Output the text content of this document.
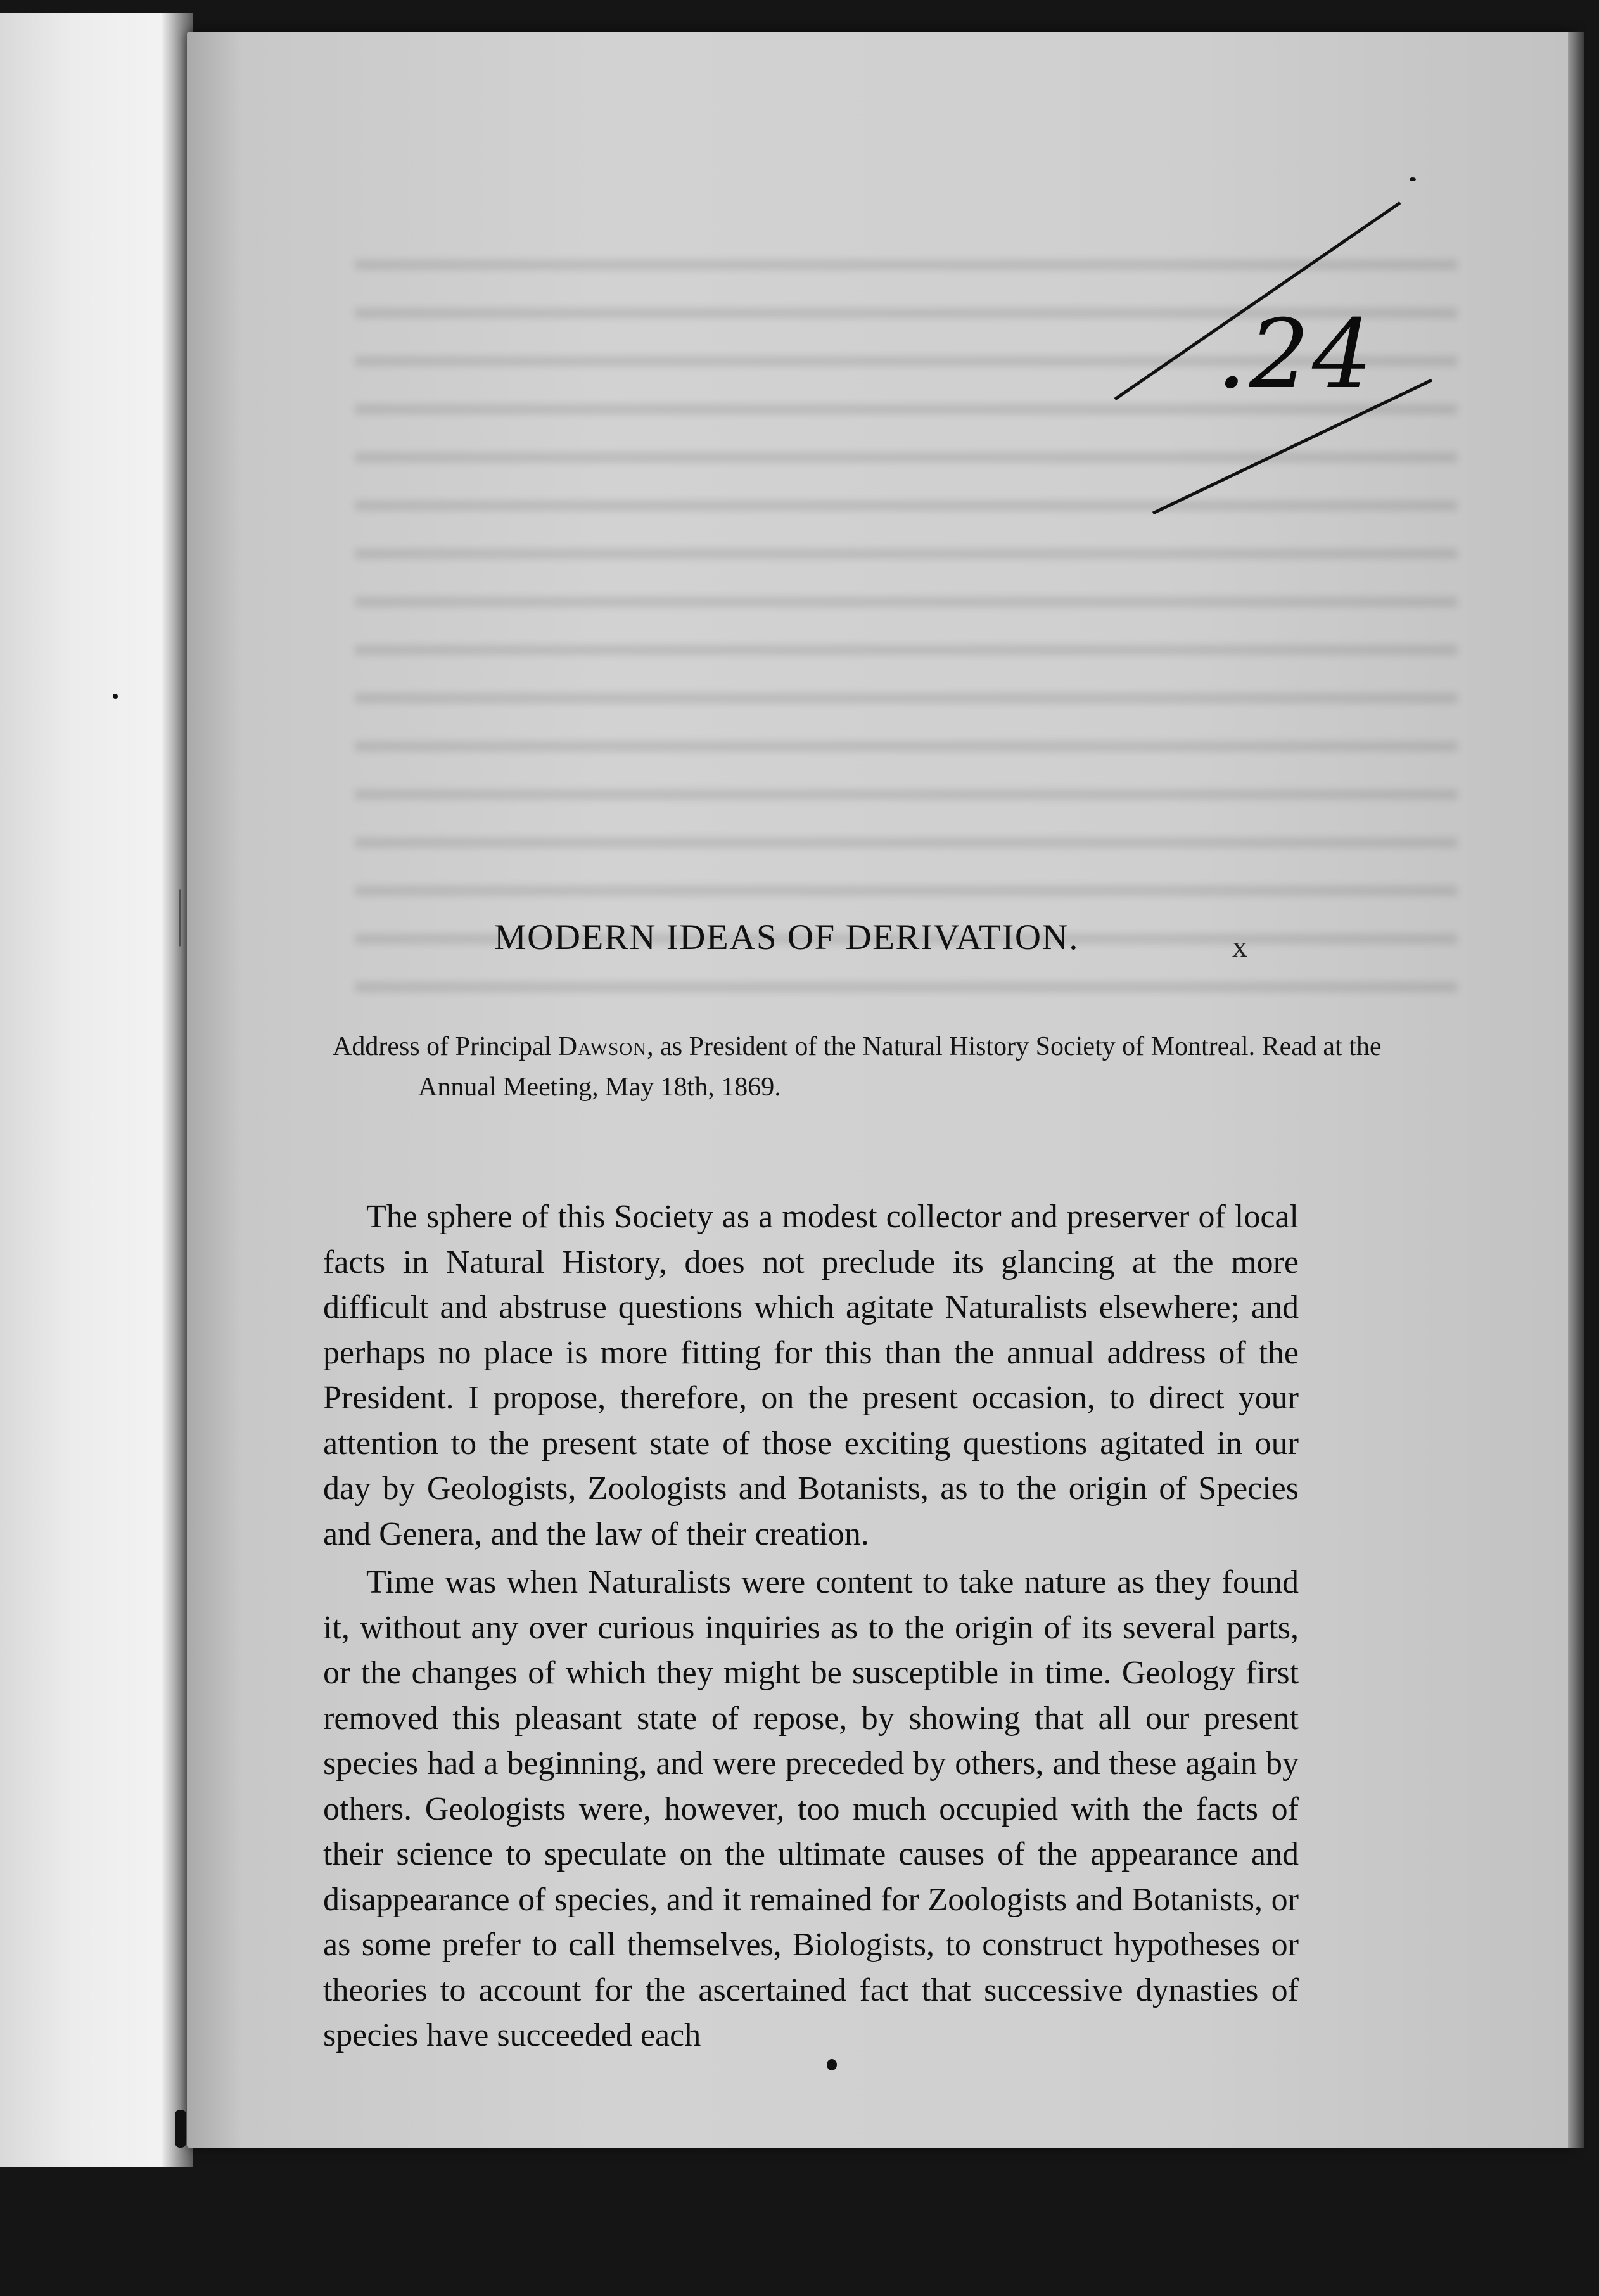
.24
MODERN IDEAS OF DERIVATION.	x
Address of Principal Dawson, as President of the Natural History Society of Montreal. Read at the Annual Meeting, May 18th, 1869.

The sphere of this Society as a modest collector and preserver of local facts in Natural History, does not preclude its glancing at the more difficult and abstruse questions which agitate Naturalists elsewhere; and perhaps no place is more fitting for this than the annual address of the President. I propose, therefore, on the present occasion, to direct your attention to the present state of those exciting questions agitated in our day by Geologists, Zoologists and Botanists, as to the origin of Species and Genera, and the law of their creation.

Time was when Naturalists were content to take nature as they found it, without any over curious inquiries as to the origin of its several parts, or the changes of which they might be susceptible in time. Geology first removed this pleasant state of repose, by showing that all our present species had a beginning, and were preceded by others, and these again by others. Geologists were, however, too much occupied with the facts of their science to speculate on the ultimate causes of the appearance and disappearance of species, and it remained for Zoologists and Botanists, or as some prefer to call themselves, Biologists, to construct hypotheses or theories to account for the ascertained fact that successive dynasties of species have succeeded each
